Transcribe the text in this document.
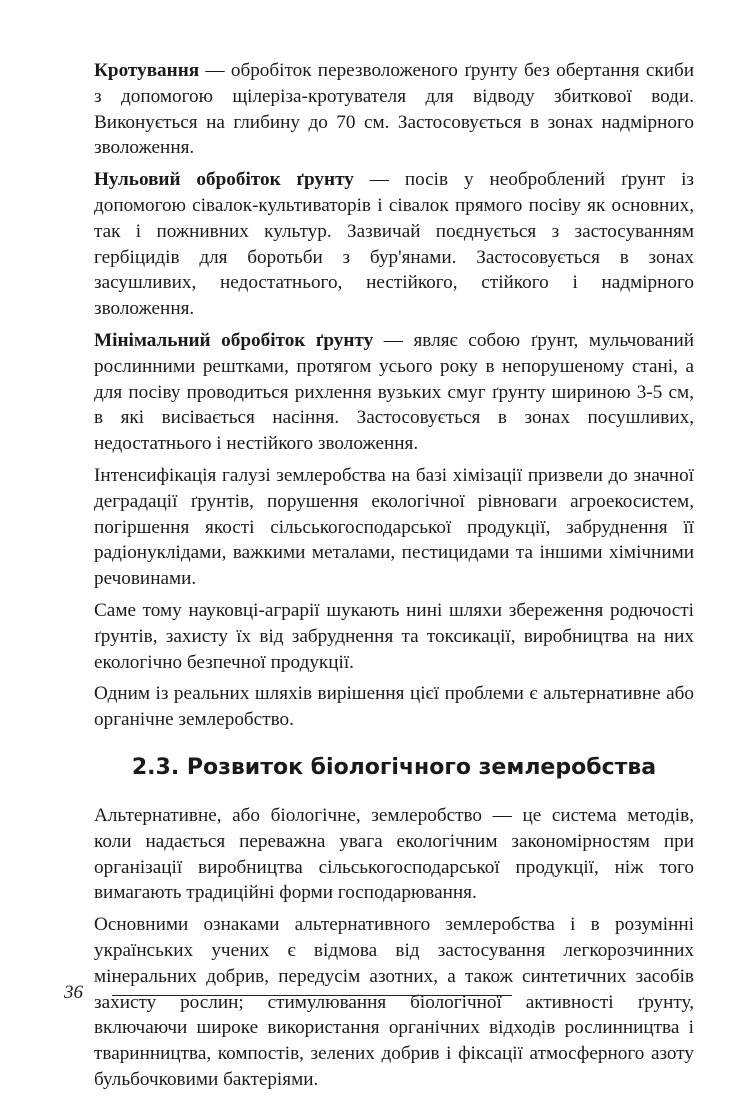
Кротування — обробіток перезволоженого ґрунту без обертання скиби з допомогою щілеріза-кротувателя для відводу збиткової води. Виконується на глибину до 70 см. Застосовується в зонах надмірного зволоження.

Нульовий обробіток ґрунту — посів у необроблений ґрунт із допомогою сівалок-культиваторів і сівалок прямого посіву як основних, так і пожнивних культур. Зазвичай поєднується з застосуванням гербіцидів для боротьби з бур'янами. Застосовується в зонах засушливих, недостатнього, нестійкого, стійкого і надмірного зволоження.

Мінімальний обробіток ґрунту — являє собою ґрунт, мульчований рослинними рештками, протягом усього року в непорушеному стані, а для посіву проводиться рихлення вузьких смуг ґрунту шириною 3-5 см, в які висівається насіння. Застосовується в зонах посушливих, недостатнього і нестійкого зволоження.

Інтенсифікація галузі землеробства на базі хімізації призвели до значної деградації ґрунтів, порушення екологічної рівноваги агроекосистем, погіршення якості сільськогосподарської продукції, забруднення її радіонуклідами, важкими металами, пестицидами та іншими хімічними речовинами.

Саме тому науковці-аграрії шукають нині шляхи збереження родючості ґрунтів, захисту їх від забруднення та токсикації, виробництва на них екологічно безпечної продукції.

Одним із реальних шляхів вирішення цієї проблеми є альтернативне або органічне землеробство.

2.3. Розвиток біологічного землеробства

Альтернативне, або біологічне, землеробство — це система методів, коли надається переважна увага екологічним закономірностям при організації виробництва сільськогосподарської продукції, ніж того вимагають традиційні форми господарювання.

Основними ознаками альтернативного землеробства і в розумінні українських учених є відмова від застосування легкорозчинних мінеральних добрив, передусім азотних, а також синтетичних засобів захисту рослин; стимулювання біологічної активності ґрунту, включаючи широке використання органічних відходів рослинництва і тваринництва, компостів, зелених добрив і фіксації атмосферного азоту бульбочковими бактеріями.

36
